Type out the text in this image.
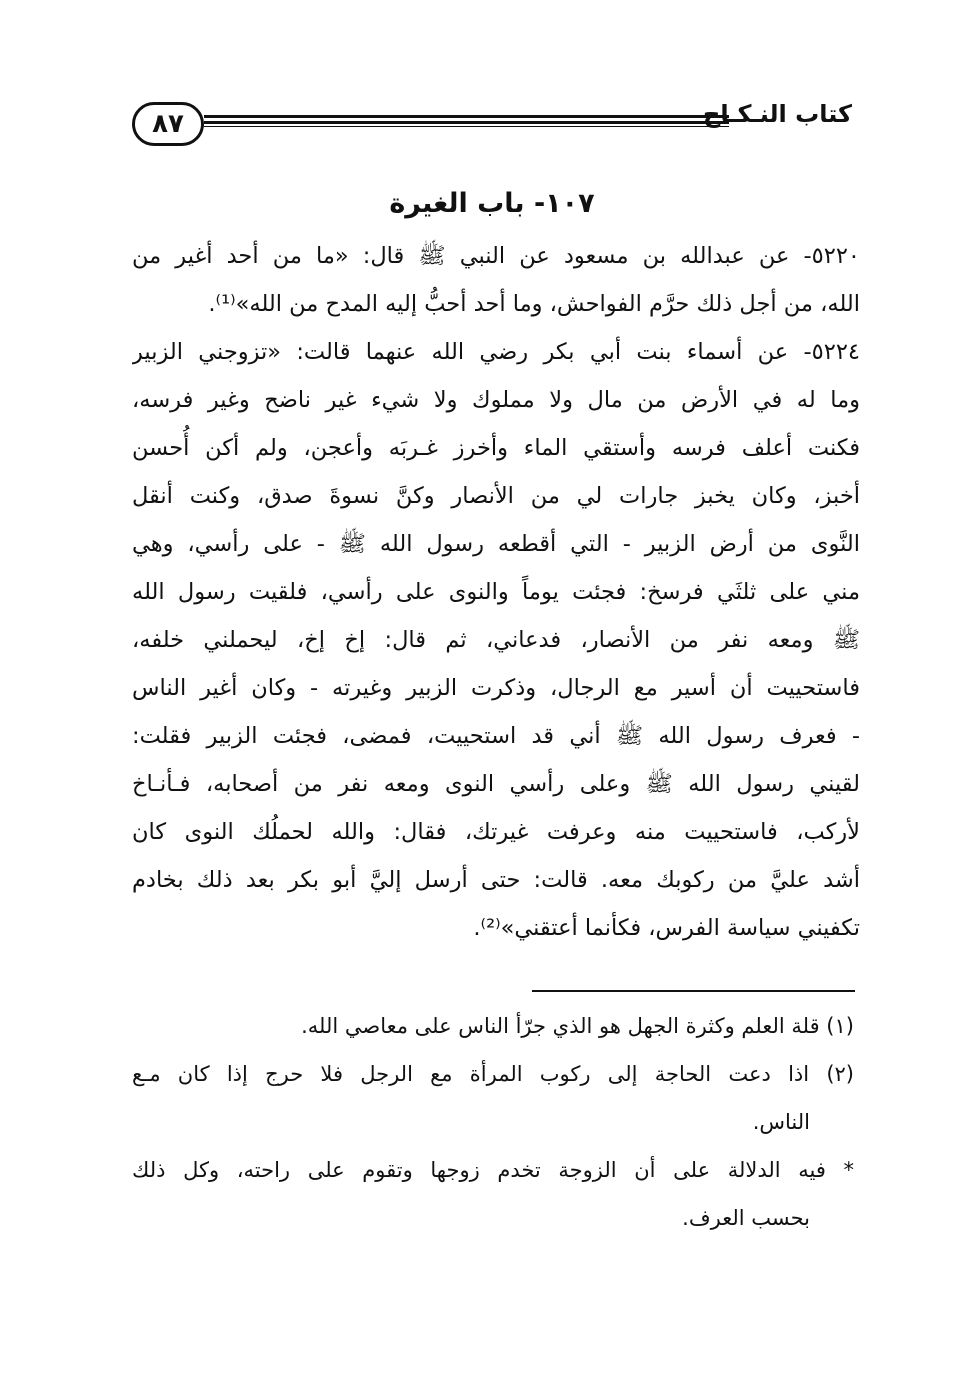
٨٧	كتاب النـكـاح
١٠٧- باب الغيرة
٥٢٢٠- عن عبدالله بن مسعود عن النبي ﷺ قال: «ما من أحد أغير من
الله، من أجل ذلك حرَّم الفواحش، وما أحد أحبُّ إليه المدح من الله»⁽¹⁾.
٥٢٢٤- عن أسماء بنت أبي بكر رضي الله عنهما قالت: «تزوجني الزبير
وما له في الأرض من مال ولا مملوك ولا شيء غير ناضح وغير فرسه،
فكنت أعلف فرسه وأستقي الماء وأخرز غـربَه وأعجن، ولم أكن أُحسن
أخبز، وكان يخبز جارات لي من الأنصار وكنَّ نسوةَ صدق، وكنت أنقل
النَّوى من أرض الزبير - التي أقطعه رسول الله ﷺ - على رأسي، وهي
مني على ثلثَي فرسخ: فجئت يوماً والنوى على رأسي، فلقيت رسول الله
ﷺ ومعه نفر من الأنصار، فدعاني، ثم قال: إخ إخ، ليحملني خلفه،
فاستحييت أن أسير مع الرجال، وذكرت الزبير وغيرته - وكان أغير الناس
- فعرف رسول الله ﷺ أني قد استحييت، فمضى، فجئت الزبير فقلت:
لقيني رسول الله ﷺ وعلى رأسي النوى ومعه نفر من أصحابه، فـأنـاخ
لأركب، فاستحييت منه وعرفت غيرتك، فقال: والله لحملُك النوى كان
أشد عليَّ من ركوبك معه. قالت: حتى أرسل إليَّ أبو بكر بعد ذلك بخادم
تكفيني سياسة الفرس، فكأنما أعتقني»⁽²⁾.
(١) قلة العلم وكثرة الجهل هو الذي جرّأ الناس على معاصي الله.
(٢) اذا دعت الحاجة إلى ركوب المرأة مع الرجل فلا حرج إذا كان مـع
الناس.
* فيه الدلالة على أن الزوجة تخدم زوجها وتقوم على راحته، وكل ذلك
بحسب العرف.
